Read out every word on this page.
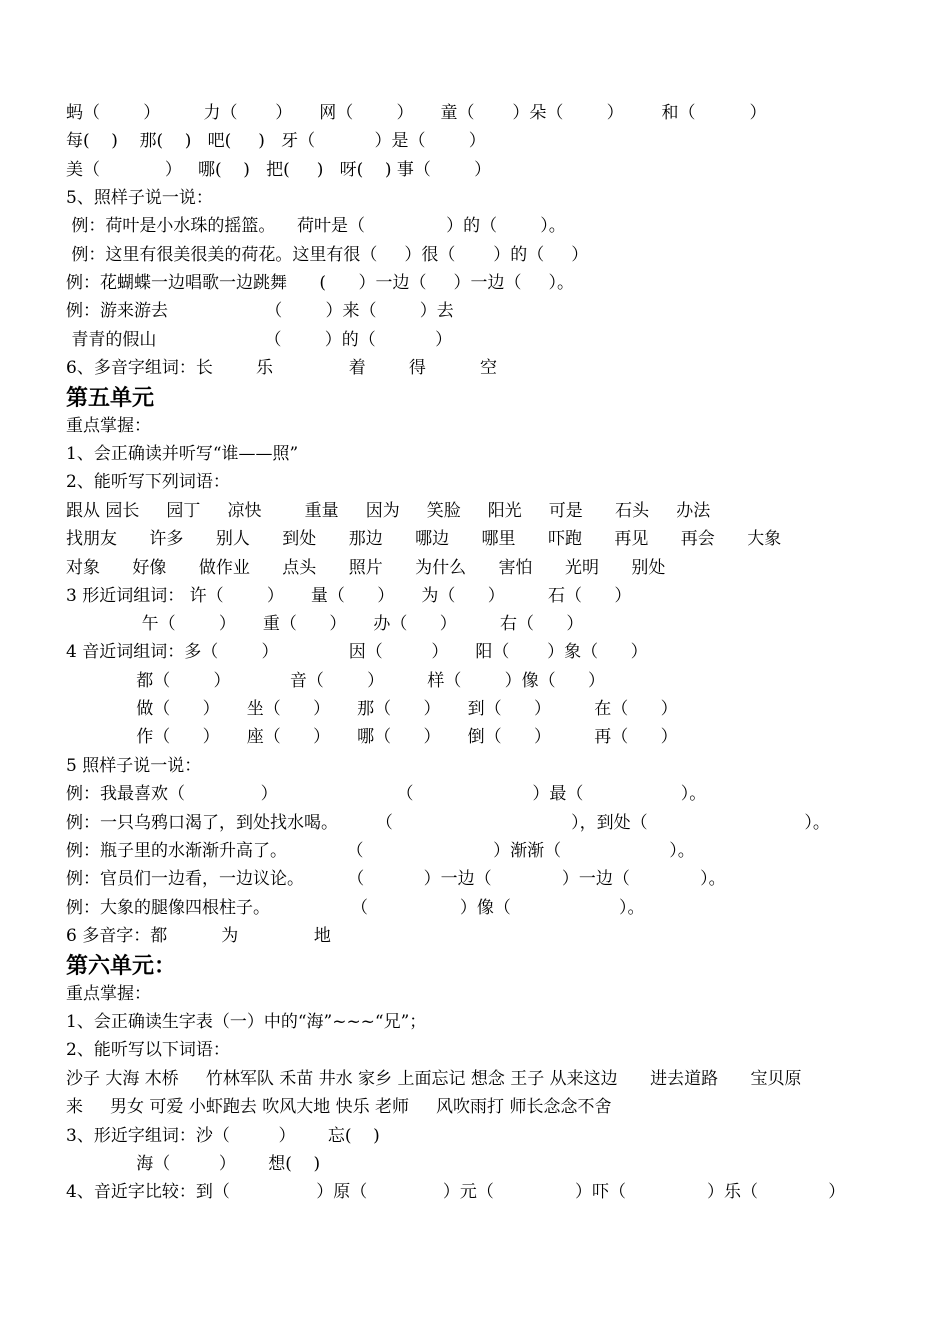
蚂（        ）        力（       ）     网（        ）     童（       ）朵（        ）       和（          ）
每(    )    那(    )   吧(     )   牙（           ）是（        ）
美（            ）   哪(    )   把(     )   呀(    ) 事（        ）
5、照样子说一说：
例：荷叶是小水珠的摇篮。    荷叶是（               ）的（        ）。
例：这里有很美很美的荷花。这里有很（     ）很（       ）的（     ）
例：花蝴蝶一边唱歌一边跳舞      (      ）一边（     ）一边（     ）。
例：游来游去                  （        ）来（        ）去
青青的假山                    （        ）的（           ）
6、多音字组词：长        乐              着        得          空
第五单元
重点掌握：
1、会正确读并听写“谁——照”
2、能听写下列词语：
跟从 园长     园丁     凉快        重量     因为     笑脸     阳光     可是      石头     办法
找朋友      许多      别人      到处      那边      哪边      哪里      吓跑      再见      再会      大象
对象      好像      做作业      点头      照片      为什么      害怕      光明      别处
3 形近词组词： 许（        ）     量（      ）     为（      ）        石（      ）
午（        ）     重（      ）     办（      ）        右（      ）
4 音近词组词：多（        ）             因（         ）     阳（       ）象（      ）
都（        ）           音（        ）        样（        ）像（      ）
做（      ）     坐（      ）     那（      ）     到（      ）        在（      ）
作（      ）     座（      ）     哪（      ）     倒（      ）        再（      ）
5 照样子说一说：
例：我最喜欢（              ）                      （                      ）最（                  ）。
例：一只乌鸦口渴了，到处找水喝。       （                                 ），到处（                             ）。
例：瓶子里的水渐渐升高了。           （                        ）渐渐（                    ）。
例：官员们一边看，一边议论。        （           ）一边（             ）一边（             ）。
例：大象的腿像四根柱子。               （                 ）像（                    ）。
6 多音字：都          为              地
第六单元：
重点掌握：
1、会正确读生字表（一）中的“海”~~~“兄”；
2、能听写以下词语：
沙子 大海 木桥     竹林军队 禾苗 井水 家乡 上面忘记 想念 王子 从来这边      进去道路      宝贝原
来     男女 可爱 小虾跑去 吹风大地 快乐 老师     风吹雨打 师长念念不舍
3、形近字组词：沙（         ）      忘(    )
海（         ）      想(    )
4、音近字比较：到（                ）原（              ）元（               ）吓（               ）乐（             ）
